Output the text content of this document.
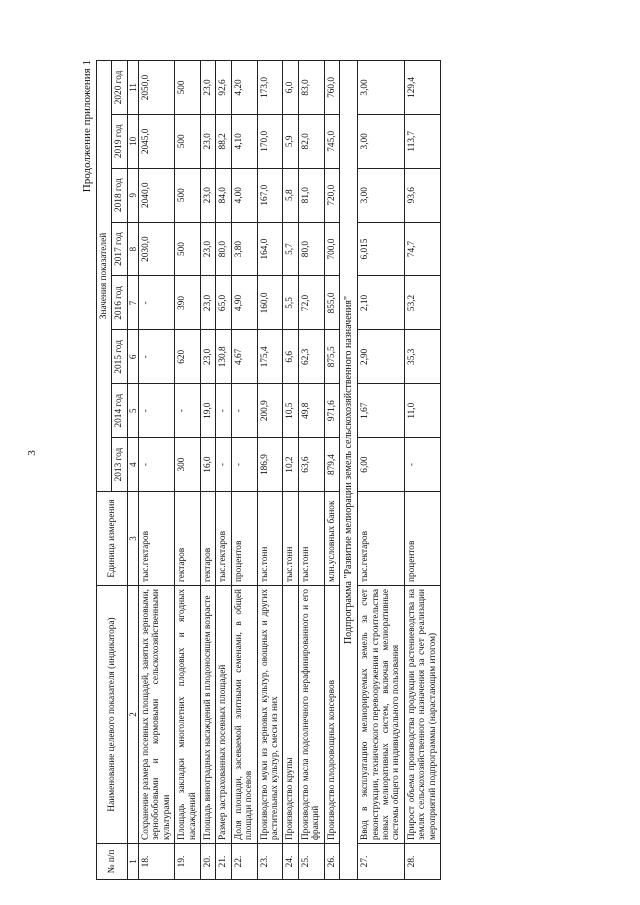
3
Продолжение приложения 1
№ п/п	Наименование целевого показателя (индикатора)	Единица измерения	Значения показателей							
			2013 год	2014 год	2015 год	2016 год	2017 год	2018 год	2019 год	2020 год
1	2	3	4	5	6	7	8	9	10	11
18.	Сохранение размера посевных площадей, занятых зерновыми, зернобобовыми и кормовыми сельскохозяйственными культурами	тыс.гектаров	-	-	-	-	2030,0	2040,0	2045,0	2050,0
19.	Площадь закладки многолетних плодовых и ягодных насаждений	гектаров	300	-	620	390	500	500	500	500
20.	Площадь виноградных насаждений в плодоносящем возрасте	гектаров	16,0	19,0	23,0	23,0	23,0	23,0	23,0	23,0
21.	Размер застрахованных посевных площадей	тыс.гектаров	-	-	130,8	65,0	80,0	84,0	88,2	92,6
22.	Доля площади, засеваемой элитными семенами, в общей площади посевов	процентов	-	-	4,67	4,90	3,80	4,00	4,10	4,20
23.	Производство муки из зерновых культур, овощных и других растительных культур, смеси из них	тыс.тонн	186,9	200,9	175,4	160,0	164,0	167,0	170,0	173,0
24.	Производство крупы	тыс.тонн	10,2	10,5	6,6	5,5	5,7	5,8	5,9	6,0
25.	Производство масла подсолнечного нерафинированного и его фракций	тыс.тонн	63,6	49,8	62,3	72,0	80,0	81,0	82,0	83,0
26.	Производство плодоовощных консервов	млн.условных банок	879,4	971,6	875,5	855,0	700,0	720,0	745,0	760,0
Подпрограмма "Развитие мелиорации земель сельскохозяйственного назначения"										
27.	Ввод в эксплуатацию мелиорируемых земель за счет реконструкции, технического перевооружения и строительства новых мелиоративных систем, включая мелиоративные системы общего и индивидуального пользования	тыс.гектаров	6,00	1,67	2,90	2,10	6,015	3,00	3,00	3,00
28.	Прирост объема производства продукции растениеводства на землях сельскохозяйственного назначения за счет реализации мероприятий подпрограммы (нарастающим итогом)	процентов	-	11,0	35,3	53,2	74,7	93,6	113,7	129,4
